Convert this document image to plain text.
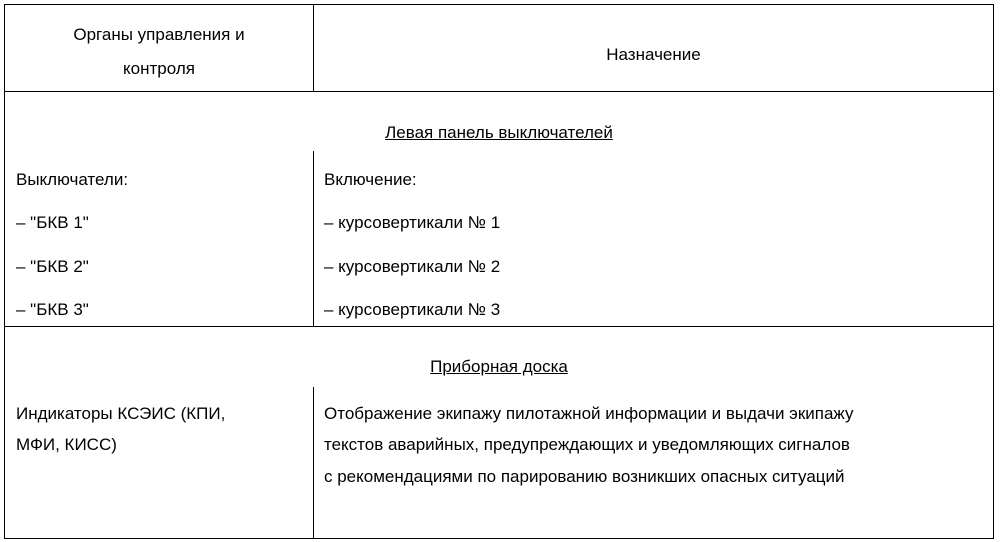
Органы управления и
контроля
Назначение
Левая панель выключателей
Выключатели:
– "БКВ 1"
– "БКВ 2"
– "БКВ 3"
Включение:
– курсовертикали № 1
– курсовертикали № 2
– курсовертикали № 3
Приборная доска
Индикаторы КСЭИС (КПИ,
МФИ, КИСС)
Отображение экипажу пилотажной информации и выдачи экипажу
текстов аварийных, предупреждающих и уведомляющих сигналов
с рекомендациями по парированию возникших опасных ситуаций
